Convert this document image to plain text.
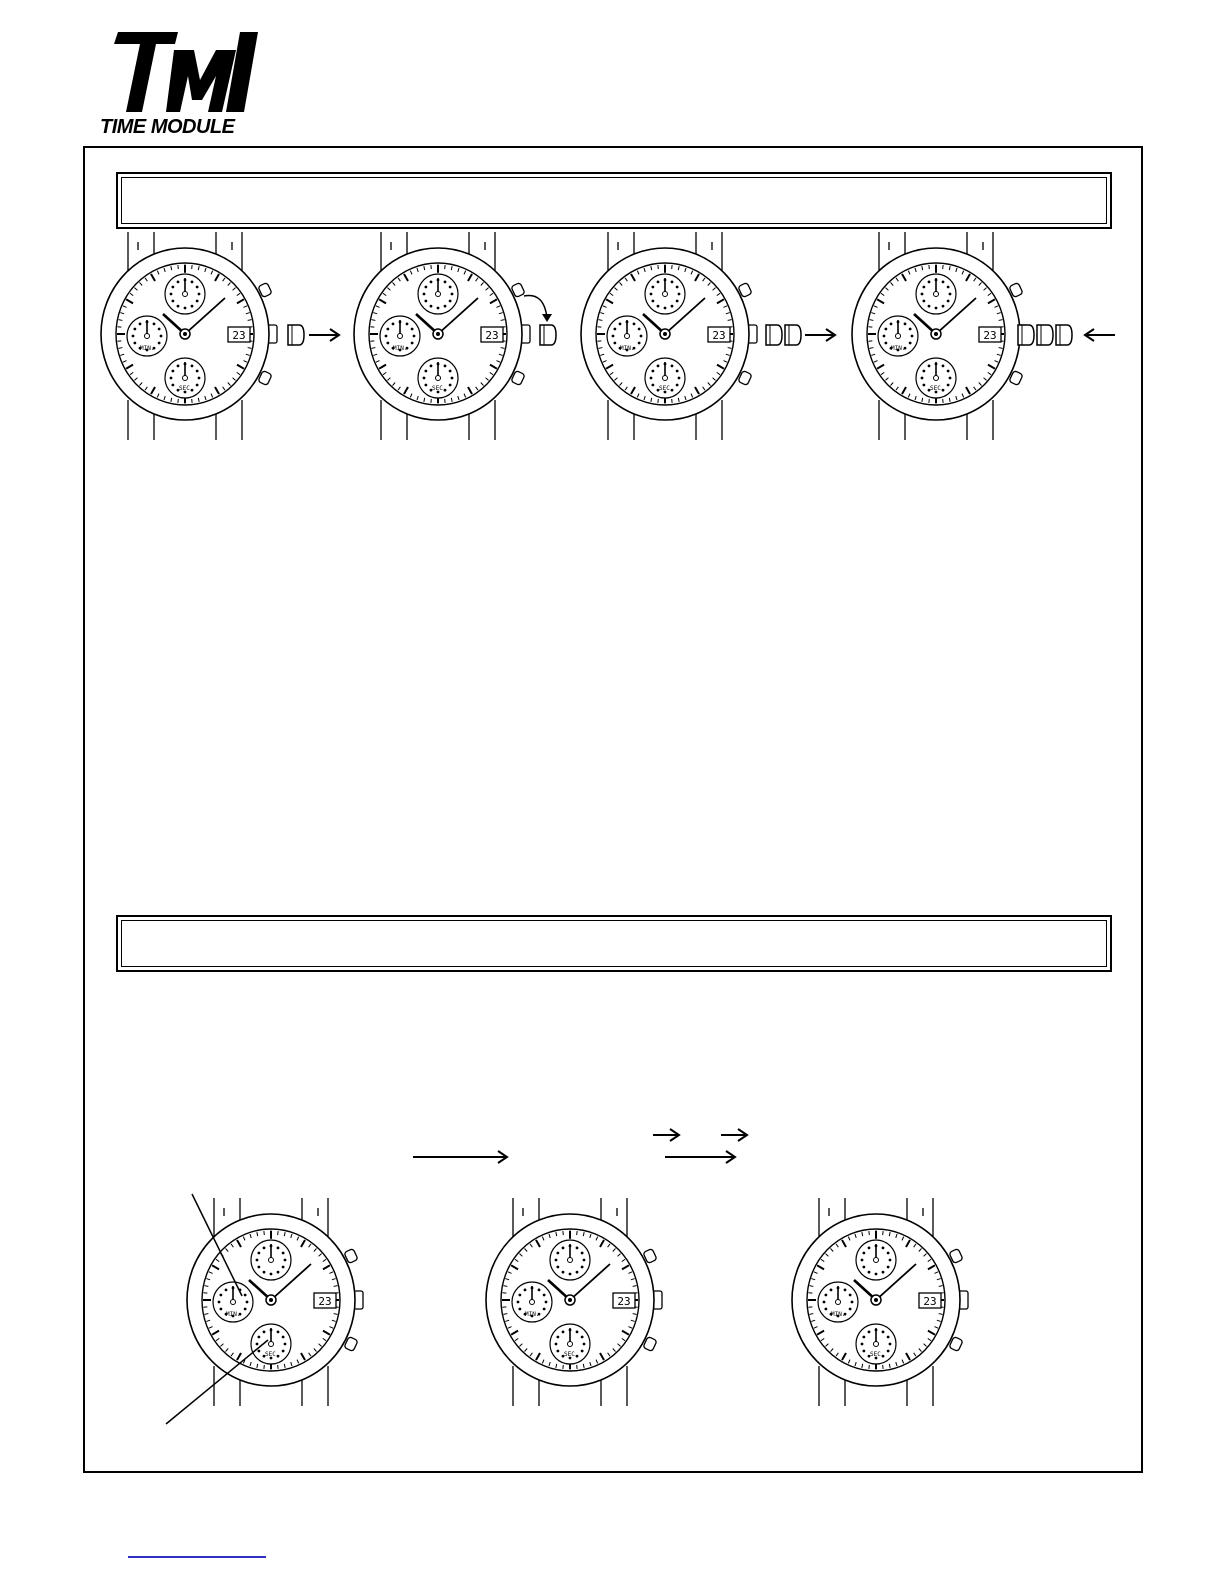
TIME MODULE
MIN.
SEC.
23
MIN.
SEC.
23
MIN.
SEC.
23
MIN.
SEC.
23
MIN.
SEC.
23
MIN.
SEC.
23
MIN.
SEC.
23
